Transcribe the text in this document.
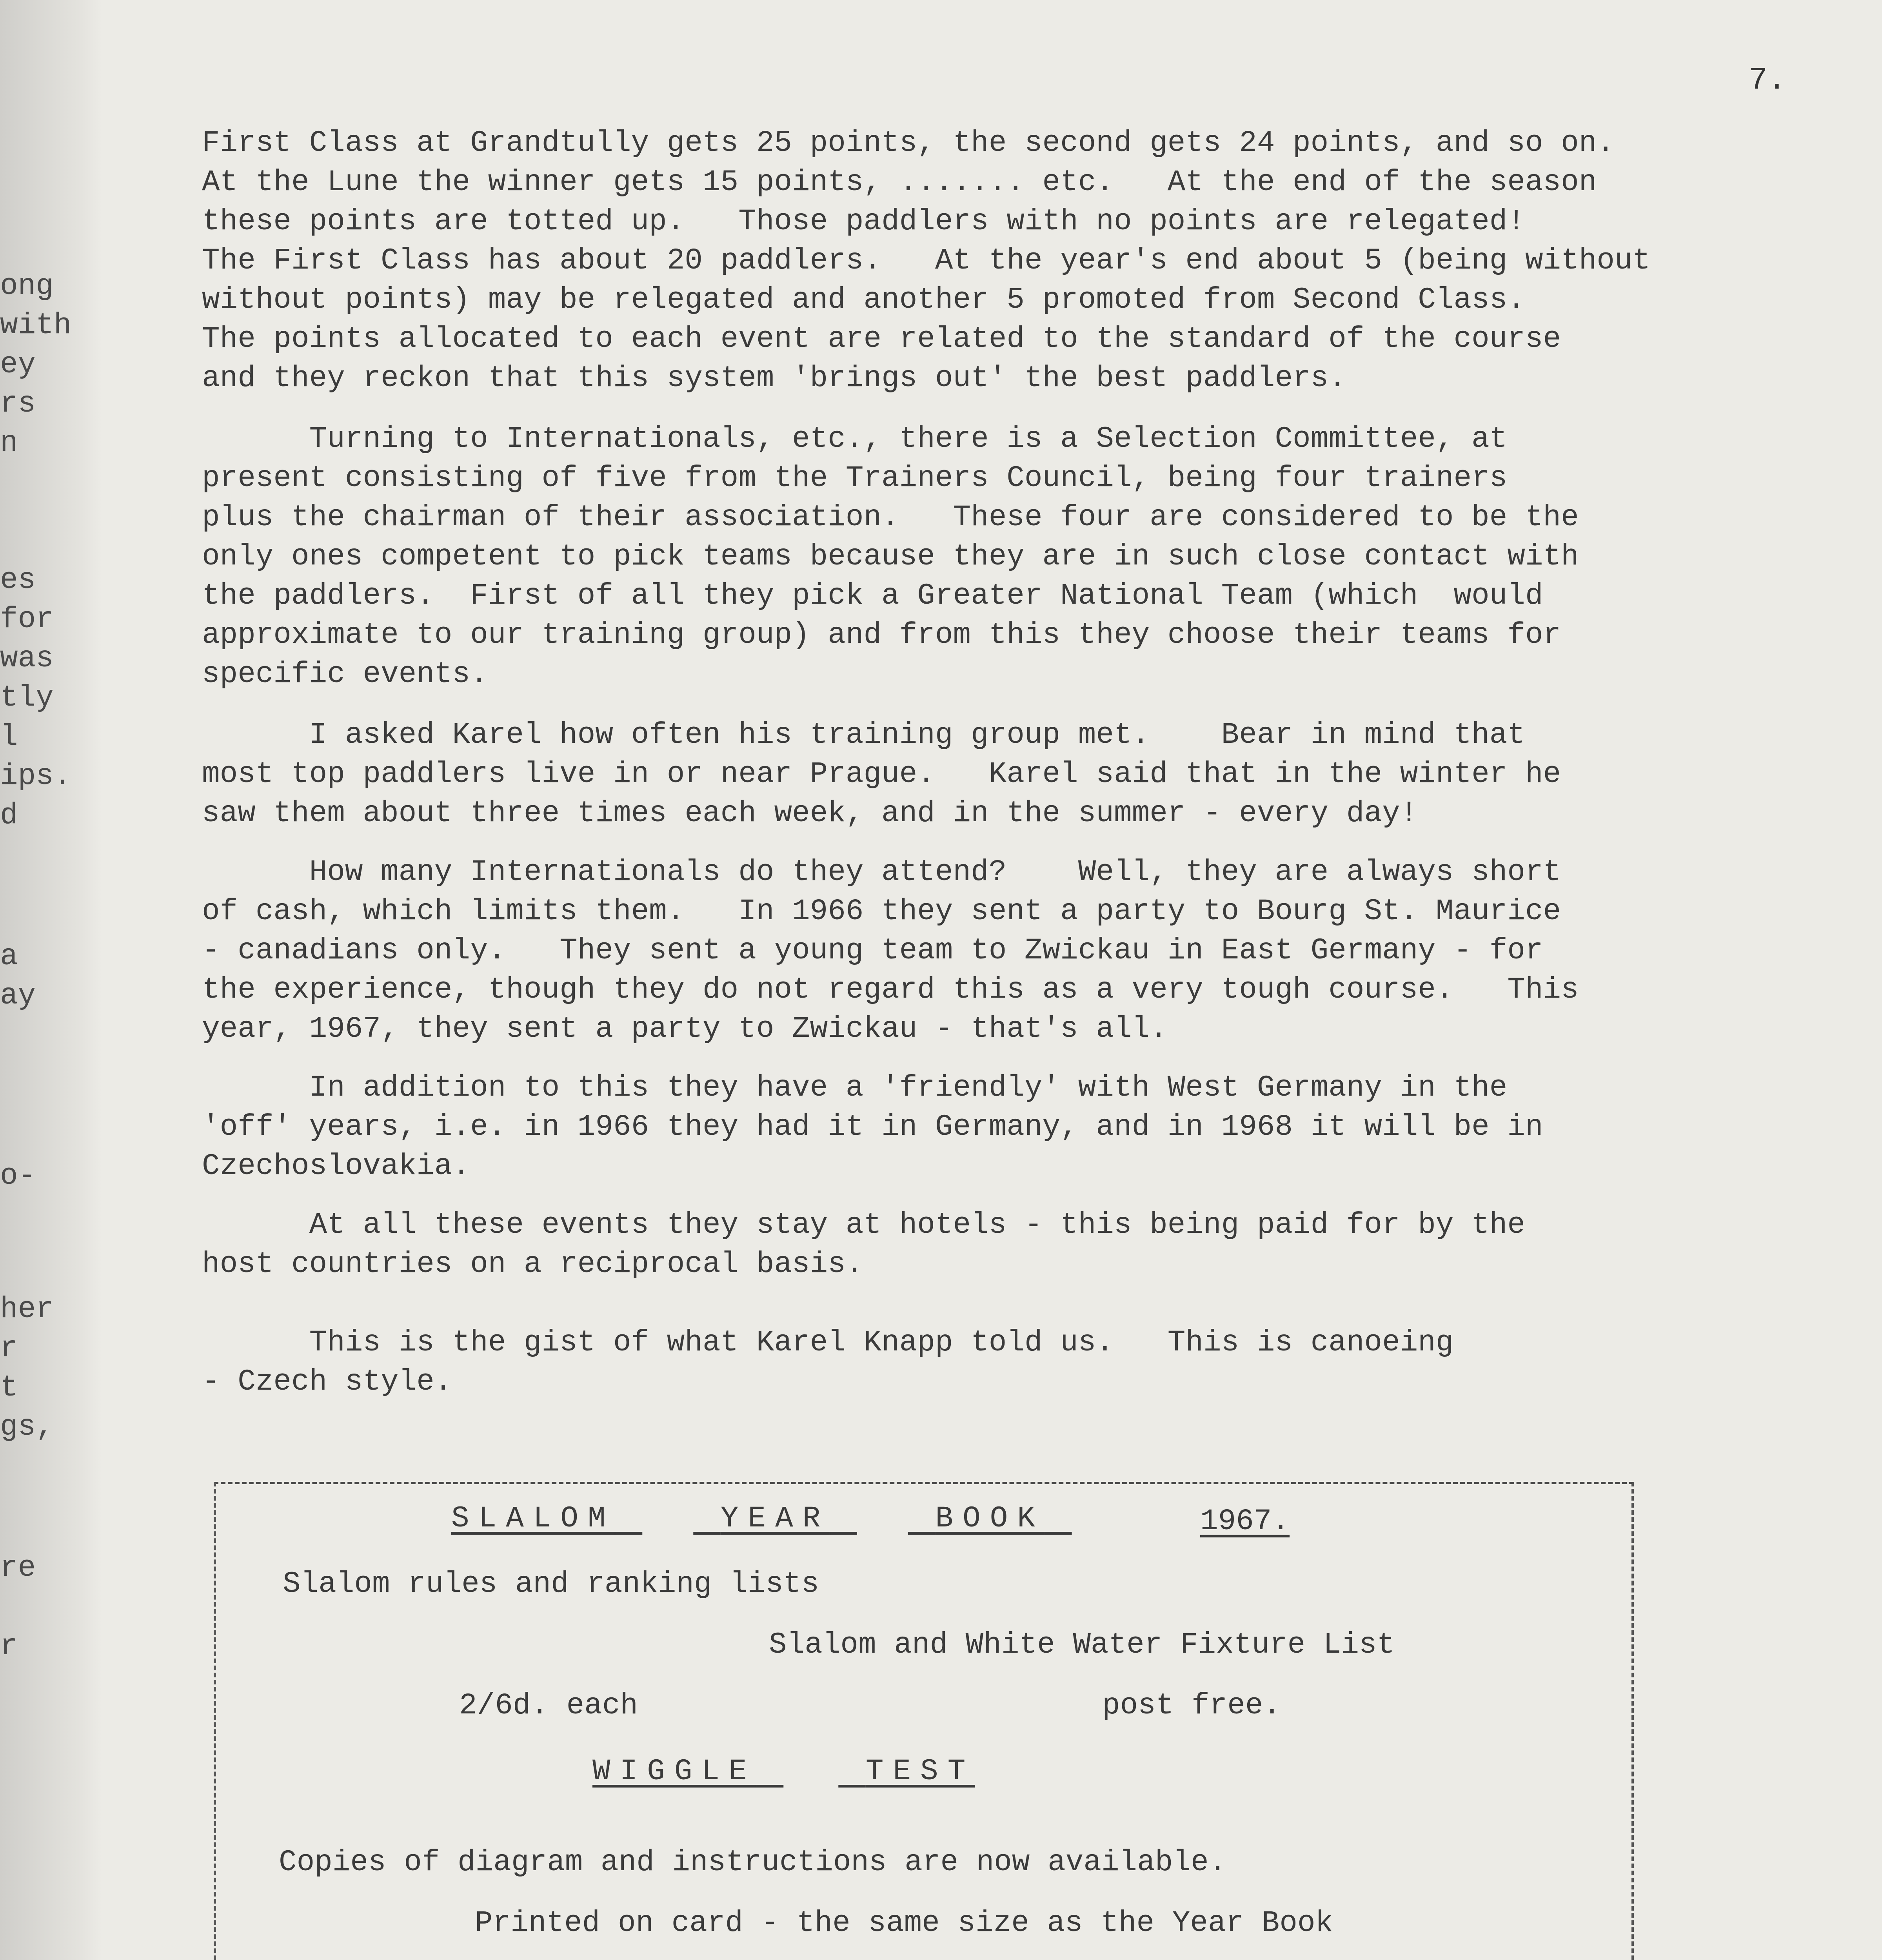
ong
with
ey
rs
n
es
for
was
tly
l
ips.
d
a
ay
o-
her
r
t
gs,
re
r
7.
First Class at Grandtully gets 25 points, the second gets 24 points, and so on.
At the Lune the winner gets 15 points, ....... etc.   At the end of the season
these points are totted up.   Those paddlers with no points are relegated!
The First Class has about 20 paddlers.   At the year's end about 5 (being without
without points) may be relegated and another 5 promoted from Second Class.
The points allocated to each event are related to the standard of the course
and they reckon that this system 'brings out' the best paddlers.
Turning to Internationals, etc., there is a Selection Committee, at
present consisting of five from the Trainers Council, being four trainers
plus the chairman of their association.   These four are considered to be the
only ones competent to pick teams because they are in such close contact with
the paddlers.  First of all they pick a Greater National Team (which  would
approximate to our training group) and from this they choose their teams for
specific events.
I asked Karel how often his training group met.    Bear in mind that
most top paddlers live in or near Prague.   Karel said that in the winter he
saw them about three times each week, and in the summer - every day!
How many Internationals do they attend?    Well, they are always short
of cash, which limits them.   In 1966 they sent a party to Bourg St. Maurice
- canadians only.   They sent a young team to Zwickau in East Germany - for
the experience, though they do not regard this as a very tough course.   This
year, 1967, they sent a party to Zwickau - that's all.
In addition to this they have a 'friendly' with West Germany in the
'off' years, i.e. in 1966 they had it in Germany, and in 1968 it will be in
Czechoslovakia.
At all these events they stay at hotels - this being paid for by the
host countries on a reciprocal basis.
This is the gist of what Karel Knapp told us.   This is canoeing
- Czech style.
SLALOM	YEAR	BOOK	1967.
Slalom rules and ranking lists
Slalom and White Water Fixture List
2/6d. each	post free.
WIGGLE	TEST
Copies of diagram and instructions are now available.
Printed on card - the same size as the Year Book
